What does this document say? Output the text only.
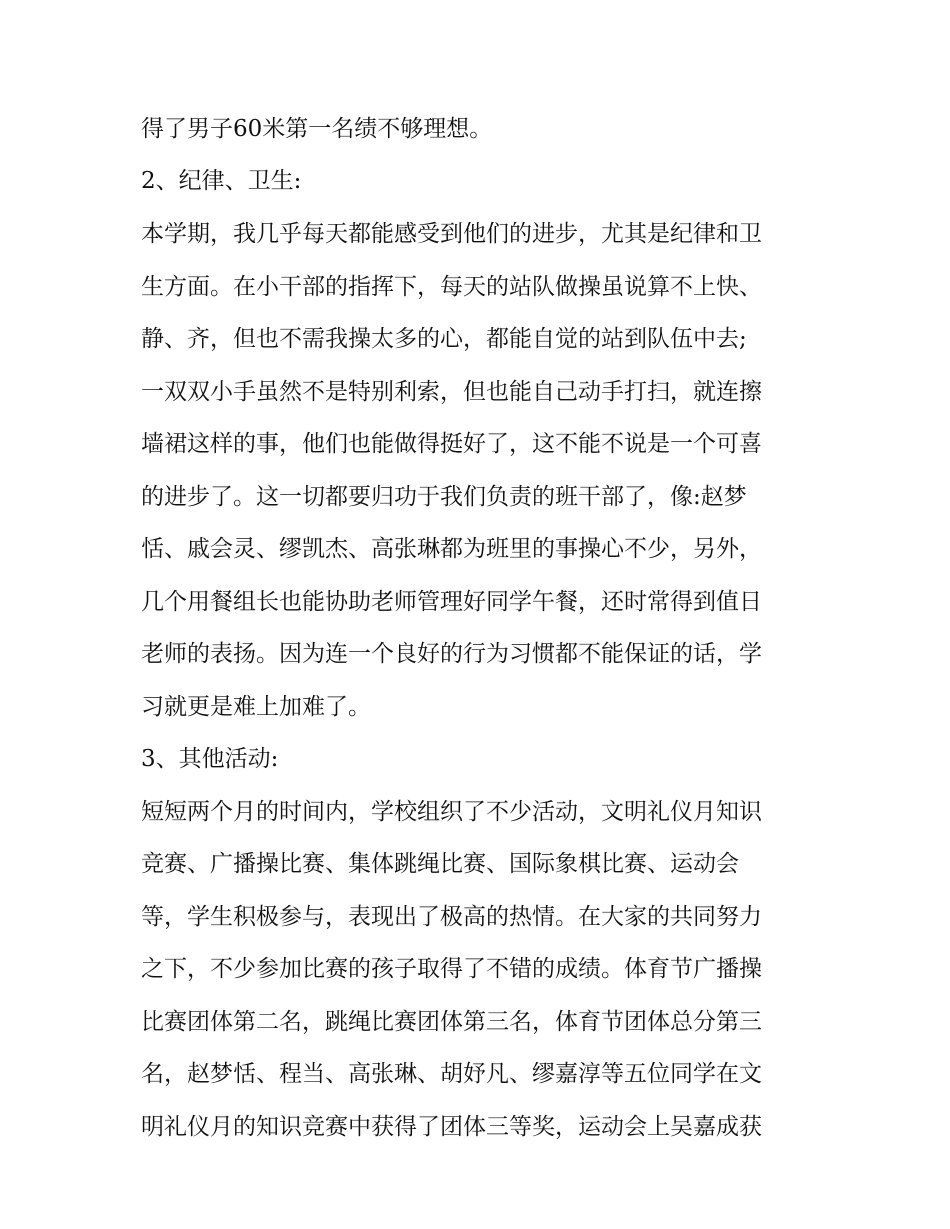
得了男子60米第一名绩不够理想。
2、纪律、卫生:
本学期，我几乎每天都能感受到他们的进步，尤其是纪律和卫
生方面。在小干部的指挥下，每天的站队做操虽说算不上快、
静、齐，但也不需我操太多的心，都能自觉的站到队伍中去;
一双双小手虽然不是特别利索，但也能自己动手打扫，就连擦
墙裙这样的事，他们也能做得挺好了，这不能不说是一个可喜
的进步了。这一切都要归功于我们负责的班干部了，像:赵梦
恬、戚会灵、缪凯杰、高张琳都为班里的事操心不少，另外，
几个用餐组长也能协助老师管理好同学午餐，还时常得到值日
老师的表扬。因为连一个良好的行为习惯都不能保证的话，学
习就更是难上加难了。
3、其他活动:
短短两个月的时间内，学校组织了不少活动，文明礼仪月知识
竞赛、广播操比赛、集体跳绳比赛、国际象棋比赛、运动会
等，学生积极参与，表现出了极高的热情。在大家的共同努力
之下，不少参加比赛的孩子取得了不错的成绩。体育节广播操
比赛团体第二名，跳绳比赛团体第三名，体育节团体总分第三
名，赵梦恬、程当、高张琳、胡妤凡、缪嘉淳等五位同学在文
明礼仪月的知识竞赛中获得了团体三等奖，运动会上吴嘉成获
